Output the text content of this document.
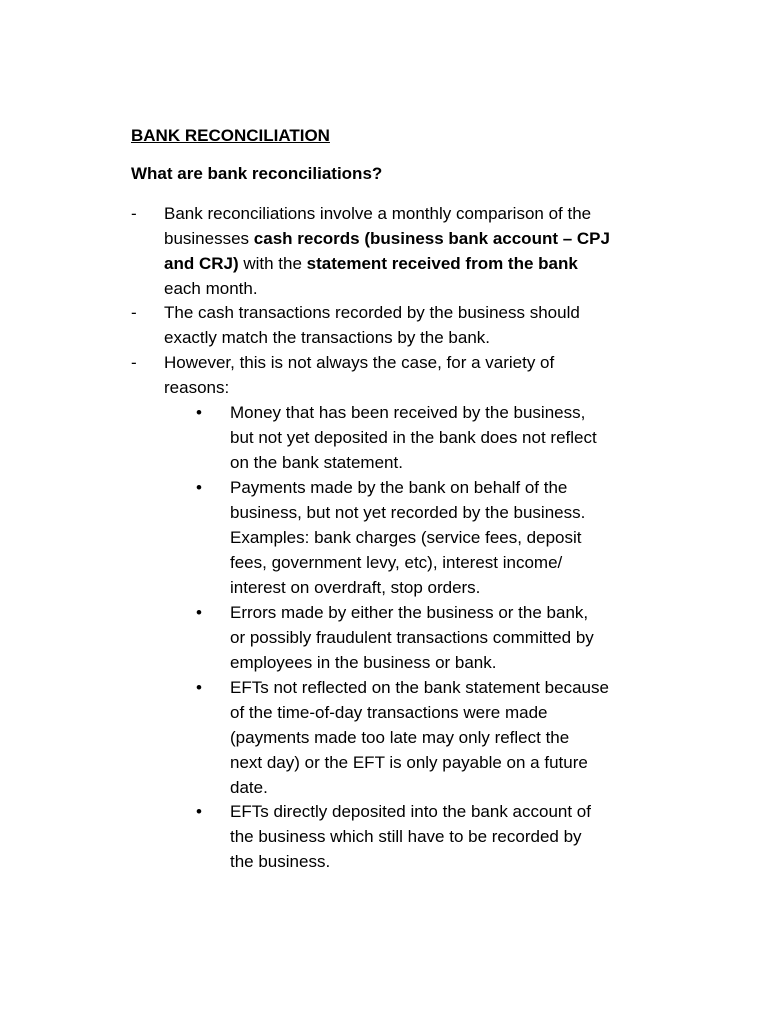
BANK RECONCILIATION
What are bank reconciliations?
- Bank reconciliations involve a monthly comparison of the
businesses cash records (business bank account – CPJ
and CRJ) with the statement received from the bank
each month.
- The cash transactions recorded by the business should
exactly match the transactions by the bank.
- However, this is not always the case, for a variety of
reasons:
• Money that has been received by the business,
but not yet deposited in the bank does not reflect
on the bank statement.
• Payments made by the bank on behalf of the
business, but not yet recorded by the business.
Examples: bank charges (service fees, deposit
fees, government levy, etc), interest income/
interest on overdraft, stop orders.
• Errors made by either the business or the bank,
or possibly fraudulent transactions committed by
employees in the business or bank.
• EFTs not reflected on the bank statement because
of the time-of-day transactions were made
(payments made too late may only reflect the
next day) or the EFT is only payable on a future
date.
• EFTs directly deposited into the bank account of
the business which still have to be recorded by
the business.
